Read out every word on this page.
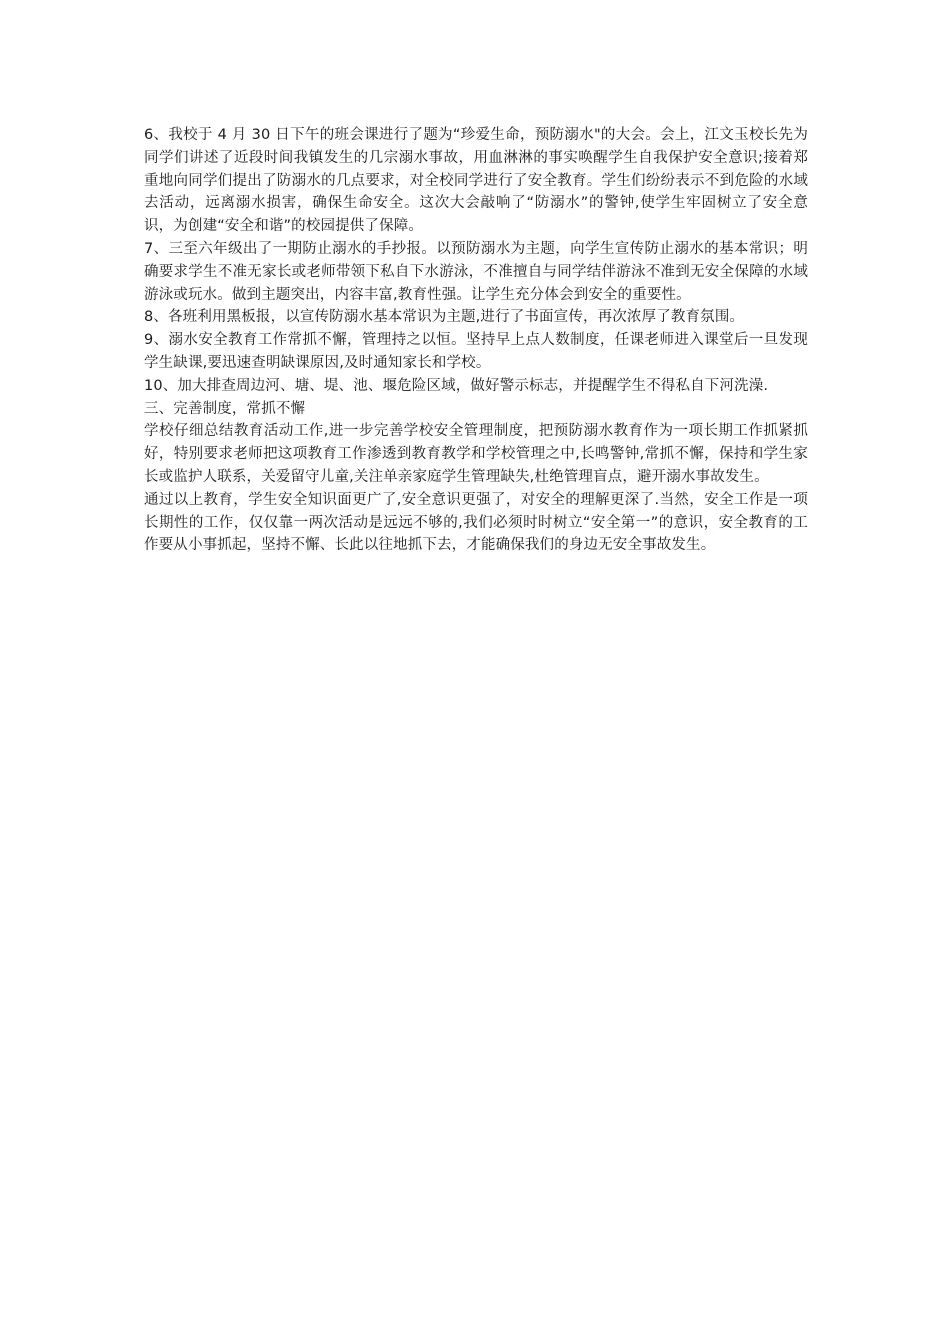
6、我校于 4 月 30 日下午的班会课进行了题为“珍爱生命，预防溺水"的大会。会上，江文玉校长先为同学们讲述了近段时间我镇发生的几宗溺水事故，用血淋淋的事实唤醒学生自我保护安全意识;接着郑重地向同学们提出了防溺水的几点要求，对全校同学进行了安全教育。学生们纷纷表示不到危险的水域去活动，远离溺水损害，确保生命安全。这次大会敲响了“防溺水”的警钟,使学生牢固树立了安全意识，为创建“安全和谐”的校园提供了保障。

7、三至六年级出了一期防止溺水的手抄报。以预防溺水为主题，向学生宣传防止溺水的基本常识；明确要求学生不准无家长或老师带领下私自下水游泳，不准擅自与同学结伴游泳不准到无安全保障的水域游泳或玩水。做到主题突出，内容丰富,教育性强。让学生充分体会到安全的重要性。

8、各班利用黑板报，以宣传防溺水基本常识为主题,进行了书面宣传，再次浓厚了教育氛围。

9、溺水安全教育工作常抓不懈，管理持之以恒。坚持早上点人数制度，任课老师进入课堂后一旦发现学生缺课,要迅速查明缺课原因,及时通知家长和学校。

10、加大排查周边河、塘、堤、池、堰危险区域，做好警示标志，并提醒学生不得私自下河洗澡.

三、完善制度，常抓不懈

学校仔细总结教育活动工作,进一步完善学校安全管理制度，把预防溺水教育作为一项长期工作抓紧抓好，特别要求老师把这项教育工作渗透到教育教学和学校管理之中,长鸣警钟,常抓不懈，保持和学生家长或监护人联系，关爱留守儿童,关注单亲家庭学生管理缺失,杜绝管理盲点，避开溺水事故发生。

通过以上教育，学生安全知识面更广了,安全意识更强了，对安全的理解更深了.当然，安全工作是一项长期性的工作，仅仅靠一两次活动是远远不够的,我们必须时时树立“安全第一”的意识，安全教育的工作要从小事抓起，坚持不懈、长此以往地抓下去，才能确保我们的身边无安全事故发生。
